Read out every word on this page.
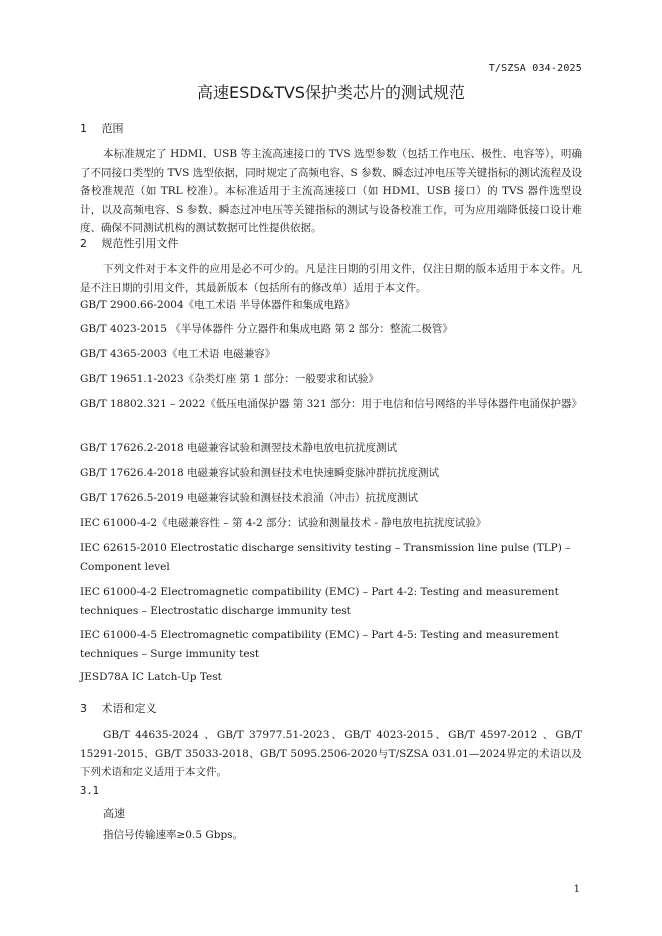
T/SZSA 034-2025
高速ESD&TVS保护类芯片的测试规范
1 范围

本标准规定了 HDMI、USB 等主流高速接口的 TVS 选型参数（包括工作电压、极性、电容等），明确了不同接口类型的 TVS 选型依据，同时规定了高频电容、S 参数、瞬态过冲电压等关键指标的测试流程及设备校准规范（如 TRL 校准）。本标准适用于主流高速接口（如 HDMI、USB 接口）的 TVS 器件选型设计，以及高频电容、S 参数、瞬态过冲电压等关键指标的测试与设备校准工作，可为应用端降低接口设计难度、确保不同测试机构的测试数据可比性提供依据。

2 规范性引用文件

下列文件对于本文件的应用是必不可少的。凡是注日期的引用文件，仅注日期的版本适用于本文件。凡是不注日期的引用文件，其最新版本（包括所有的修改单）适用于本文件。

GB/T 2900.66-2004《电工术语 半导体器件和集成电路》

GB/T 4023-2015 《半导体器件 分立器件和集成电路 第 2 部分：整流二极管》

GB/T 4365-2003《电工术语 电磁兼容》

GB/T 19651.1-2023《杂类灯座 第 1 部分：一般要求和试验》

GB/T 18802.321 – 2022《低压电涌保护器 第 321 部分：用于电信和信号网络的半导体器件电涌保护器》

GB/T 17626.2-2018 电磁兼容试验和测翌技术静电放电抗扰度测试

GB/T 17626.4-2018 电磁兼容试验和测昼技术电快速瞬变脉冲群抗扰度测试

GB/T 17626.5-2019 电磁兼容试验和测昼技术浪涌（冲击）抗扰度测试

IEC 61000-4-2《电磁兼容性 – 第 4-2 部分：试验和测量技术 - 静电放电抗扰度试验》

IEC 62615-2010 Electrostatic discharge sensitivity testing – Transmission line pulse (TLP) – Component level

IEC 61000-4-2 Electromagnetic compatibility (EMC) – Part 4-2: Testing and measurement techniques – Electrostatic discharge immunity test

IEC 61000-4-5 Electromagnetic compatibility (EMC) – Part 4-5: Testing and measurement techniques – Surge immunity test

JESD78A IC Latch-Up Test

3 术语和定义

GB/T 44635-2024 、GB/T 37977.51-2023、GB/T 4023-2015、GB/T 4597-2012 、GB/T 15291-2015、GB/T 35033-2018、GB/T 5095.2506-2020与T/SZSA 031.01—2024界定的术语以及下列术语和定义适用于本文件。

3.1
高速
指信号传输速率≥0.5 Gbps。
1
